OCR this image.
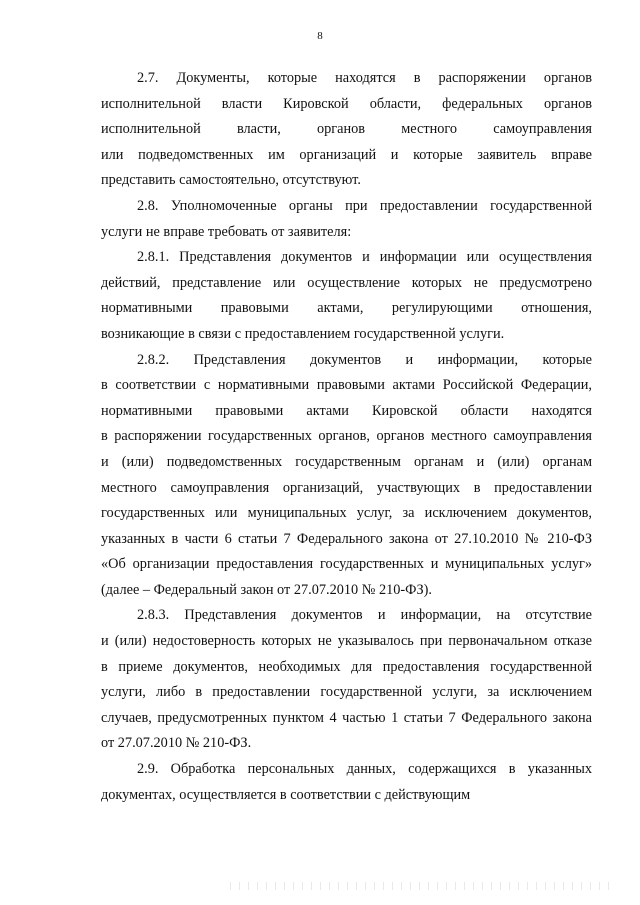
8
2.7. Документы, которые находятся в распоряжении органов
исполнительной власти Кировской области, федеральных органов
исполнительной власти, органов местного самоуправления
или подведомственных им организаций и которые заявитель вправе
представить самостоятельно, отсутствуют.
2.8. Уполномоченные органы при предоставлении государственной
услуги не вправе требовать от заявителя:
2.8.1. Представления документов и информации или осуществления
действий, представление или осуществление которых не предусмотрено
нормативными правовыми актами, регулирующими отношения,
возникающие в связи с предоставлением государственной услуги.
2.8.2. Представления документов и информации, которые
в соответствии с нормативными правовыми актами Российской Федерации,
нормативными правовыми актами Кировской области находятся
в распоряжении государственных органов, органов местного самоуправления
и (или) подведомственных государственным органам и (или) органам
местного самоуправления организаций, участвующих в предоставлении
государственных или муниципальных услуг, за исключением документов,
указанных в части 6 статьи 7 Федерального закона от 27.10.2010 № 210-ФЗ
«Об организации предоставления государственных и муниципальных услуг»
(далее – Федеральный закон от 27.07.2010 № 210-ФЗ).
2.8.3. Представления документов и информации, на отсутствие
и (или) недостоверность которых не указывалось при первоначальном отказе
в приеме документов, необходимых для предоставления государственной
услуги, либо в предоставлении государственной услуги, за исключением
случаев, предусмотренных пунктом 4 частью 1 статьи 7 Федерального закона
от 27.07.2010 № 210-ФЗ.
2.9. Обработка персональных данных, содержащихся в указанных
документах, осуществляется в соответствии с действующим
